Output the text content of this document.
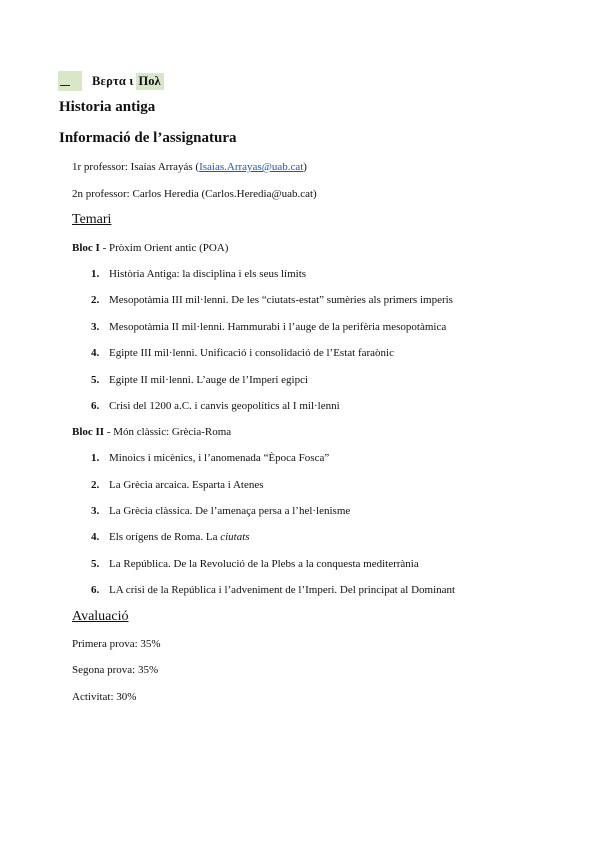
Βερτα ι Πολ
Historia antiga
Informació de l’assignatura
1r professor: Isaías Arrayás (Isaias.Arrayas@uab.cat)
2n professor: Carlos Heredia (Carlos.Heredia@uab.cat)
Temari
Bloc I - Pròxim Orient antic (POA)
1. Història Antiga: la disciplina i els seus límits
2. Mesopotàmia III mil·lenni. De les “ciutats-estat” sumèries als primers imperis
3. Mesopotàmia II mil·lenni. Hammurabi i l’auge de la perifèria mesopotàmica
4. Egipte III mil·lenni. Unificació i consolidació de l’Estat faraònic
5. Egipte II mil·lenni. L’auge de l’Imperi egipci
6. Crisi del 1200 a.C. i canvis geopolítics al I mil·lenni
Bloc II - Món clàssic: Grècia-Roma
1. Minoics i micènics, i l’anomenada “Època Fosca”
2. La Grècia arcaica. Esparta i Atenes
3. La Grècia clàssica. De l’amenaça persa a l’hel·lenisme
4. Els orígens de Roma. La ciutats
5. La República. De la Revolució de la Plebs a la conquesta mediterrània
6. LA crisi de la República i l’adveniment de l’Imperi. Del principat al Dominant
Avaluació
Primera prova: 35%
Segona prova: 35%
Activitat: 30%
